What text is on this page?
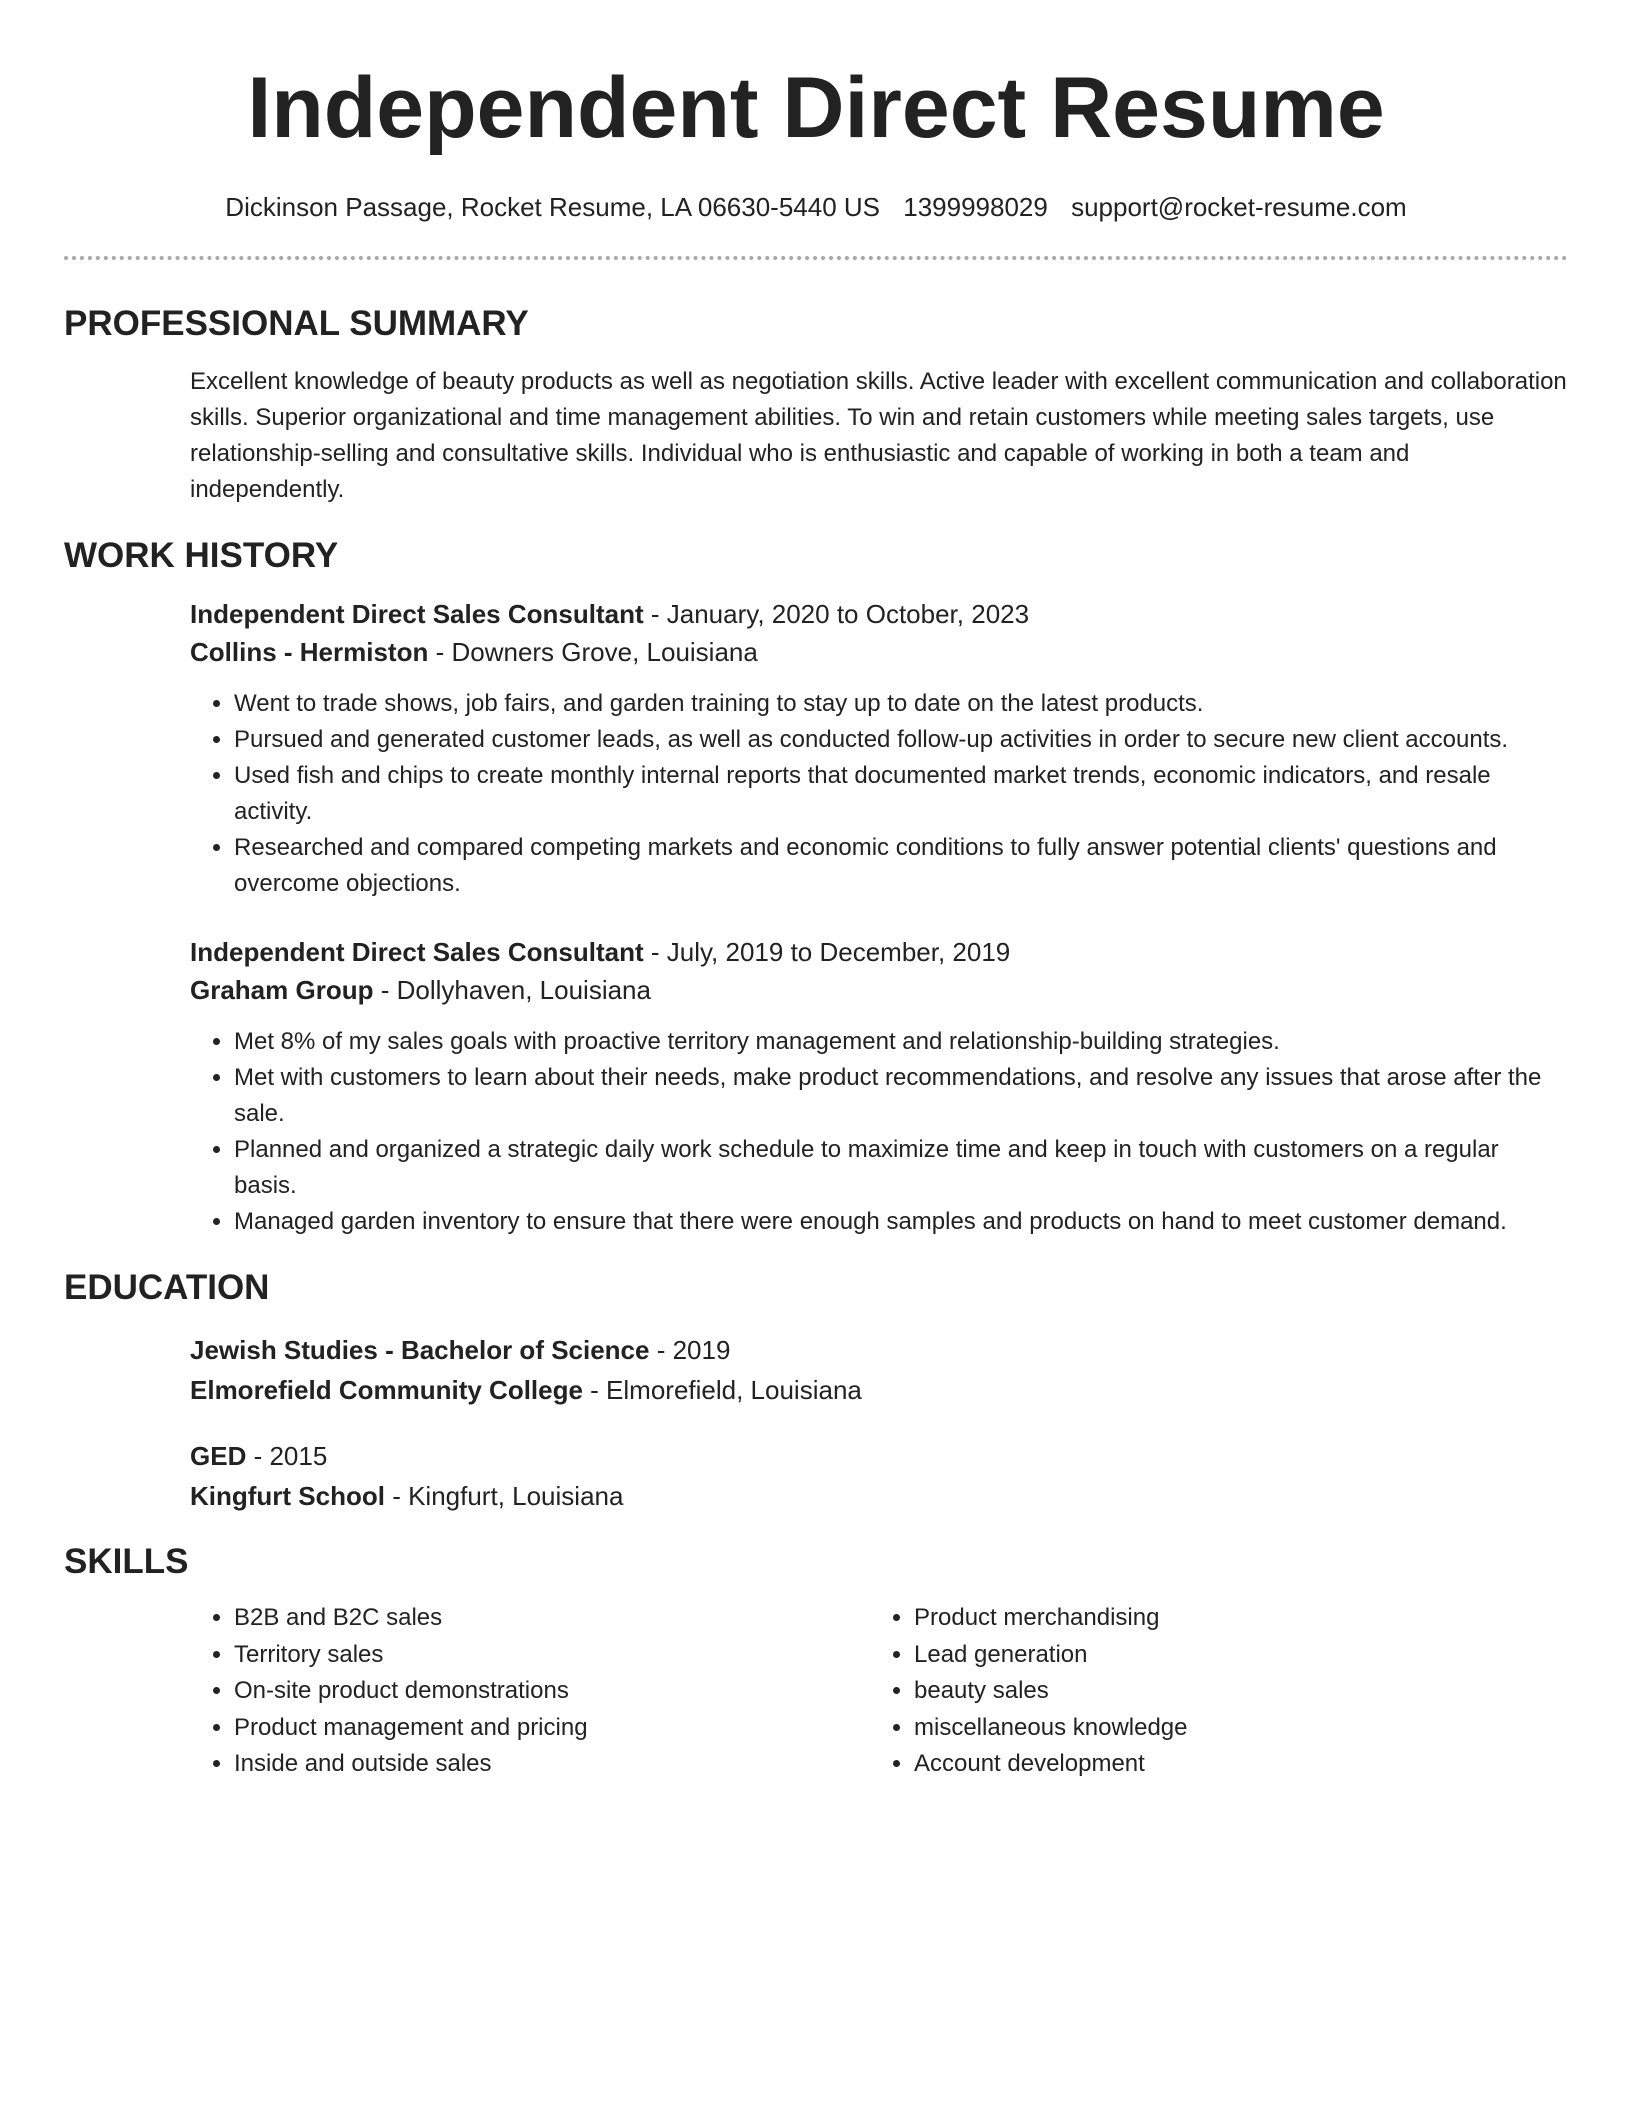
Independent Direct Resume
Dickinson Passage, Rocket Resume, LA 06630-5440 US 1399998029 support@rocket-resume.com
PROFESSIONAL SUMMARY

Excellent knowledge of beauty products as well as negotiation skills. Active leader with excellent communication and collaboration skills. Superior organizational and time management abilities. To win and retain customers while meeting sales targets, use relationship-selling and consultative skills. Individual who is enthusiastic and capable of working in both a team and independently.

WORK HISTORY

Independent Direct Sales Consultant - January, 2020 to October, 2023

Collins - Hermiston - Downers Grove, Louisiana

• Went to trade shows, job fairs, and garden training to stay up to date on the latest products.
• Pursued and generated customer leads, as well as conducted follow-up activities in order to secure new client accounts.
• Used fish and chips to create monthly internal reports that documented market trends, economic indicators, and resale activity.
• Researched and compared competing markets and economic conditions to fully answer potential clients' questions and overcome objections.

Independent Direct Sales Consultant - July, 2019 to December, 2019

Graham Group - Dollyhaven, Louisiana

• Met 8% of my sales goals with proactive territory management and relationship-building strategies.
• Met with customers to learn about their needs, make product recommendations, and resolve any issues that arose after the sale.
• Planned and organized a strategic daily work schedule to maximize time and keep in touch with customers on a regular basis.
• Managed garden inventory to ensure that there were enough samples and products on hand to meet customer demand.
EDUCATION

Jewish Studies - Bachelor of Science - 2019

Elmorefield Community College - Elmorefield, Louisiana

GED - 2015

Kingfurt School - Kingfurt, Louisiana

SKILLS
• B2B and B2C sales
• Territory sales
• On-site product demonstrations
• Product management and pricing
• Inside and outside sales
• Product merchandising
• Lead generation
• beauty sales
• miscellaneous knowledge
• Account development
